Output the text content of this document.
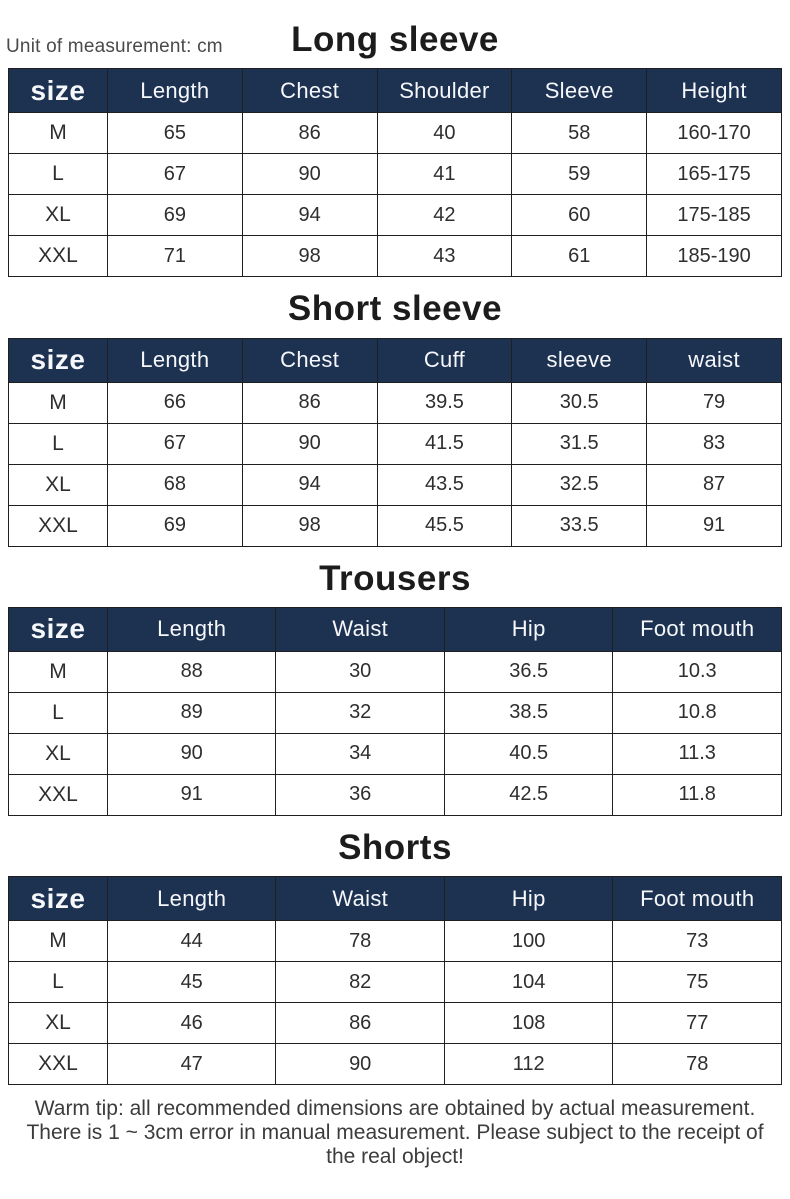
Unit of measurement: cm	Long sleeve
size	Length	Chest	Shoulder	Sleeve	Height
M	65	86	40	58	160-170
L	67	90	41	59	165-175
XL	69	94	42	60	175-185
XXL	71	98	43	61	185-190
Short sleeve
size	Length	Chest	Cuff	sleeve	waist
M	66	86	39.5	30.5	79
L	67	90	41.5	31.5	83
XL	68	94	43.5	32.5	87
XXL	69	98	45.5	33.5	91
Trousers
size	Length	Waist	Hip	Foot mouth
M	88	30	36.5	10.3
L	89	32	38.5	10.8
XL	90	34	40.5	11.3
XXL	91	36	42.5	11.8
Shorts
size	Length	Waist	Hip	Foot mouth
M	44	78	100	73
L	45	82	104	75
XL	46	86	108	77
XXL	47	90	112	78
Warm tip: all recommended dimensions are obtained by actual measurement.
There is 1 ~ 3cm error in manual measurement. Please subject to the receipt of
the real object!
